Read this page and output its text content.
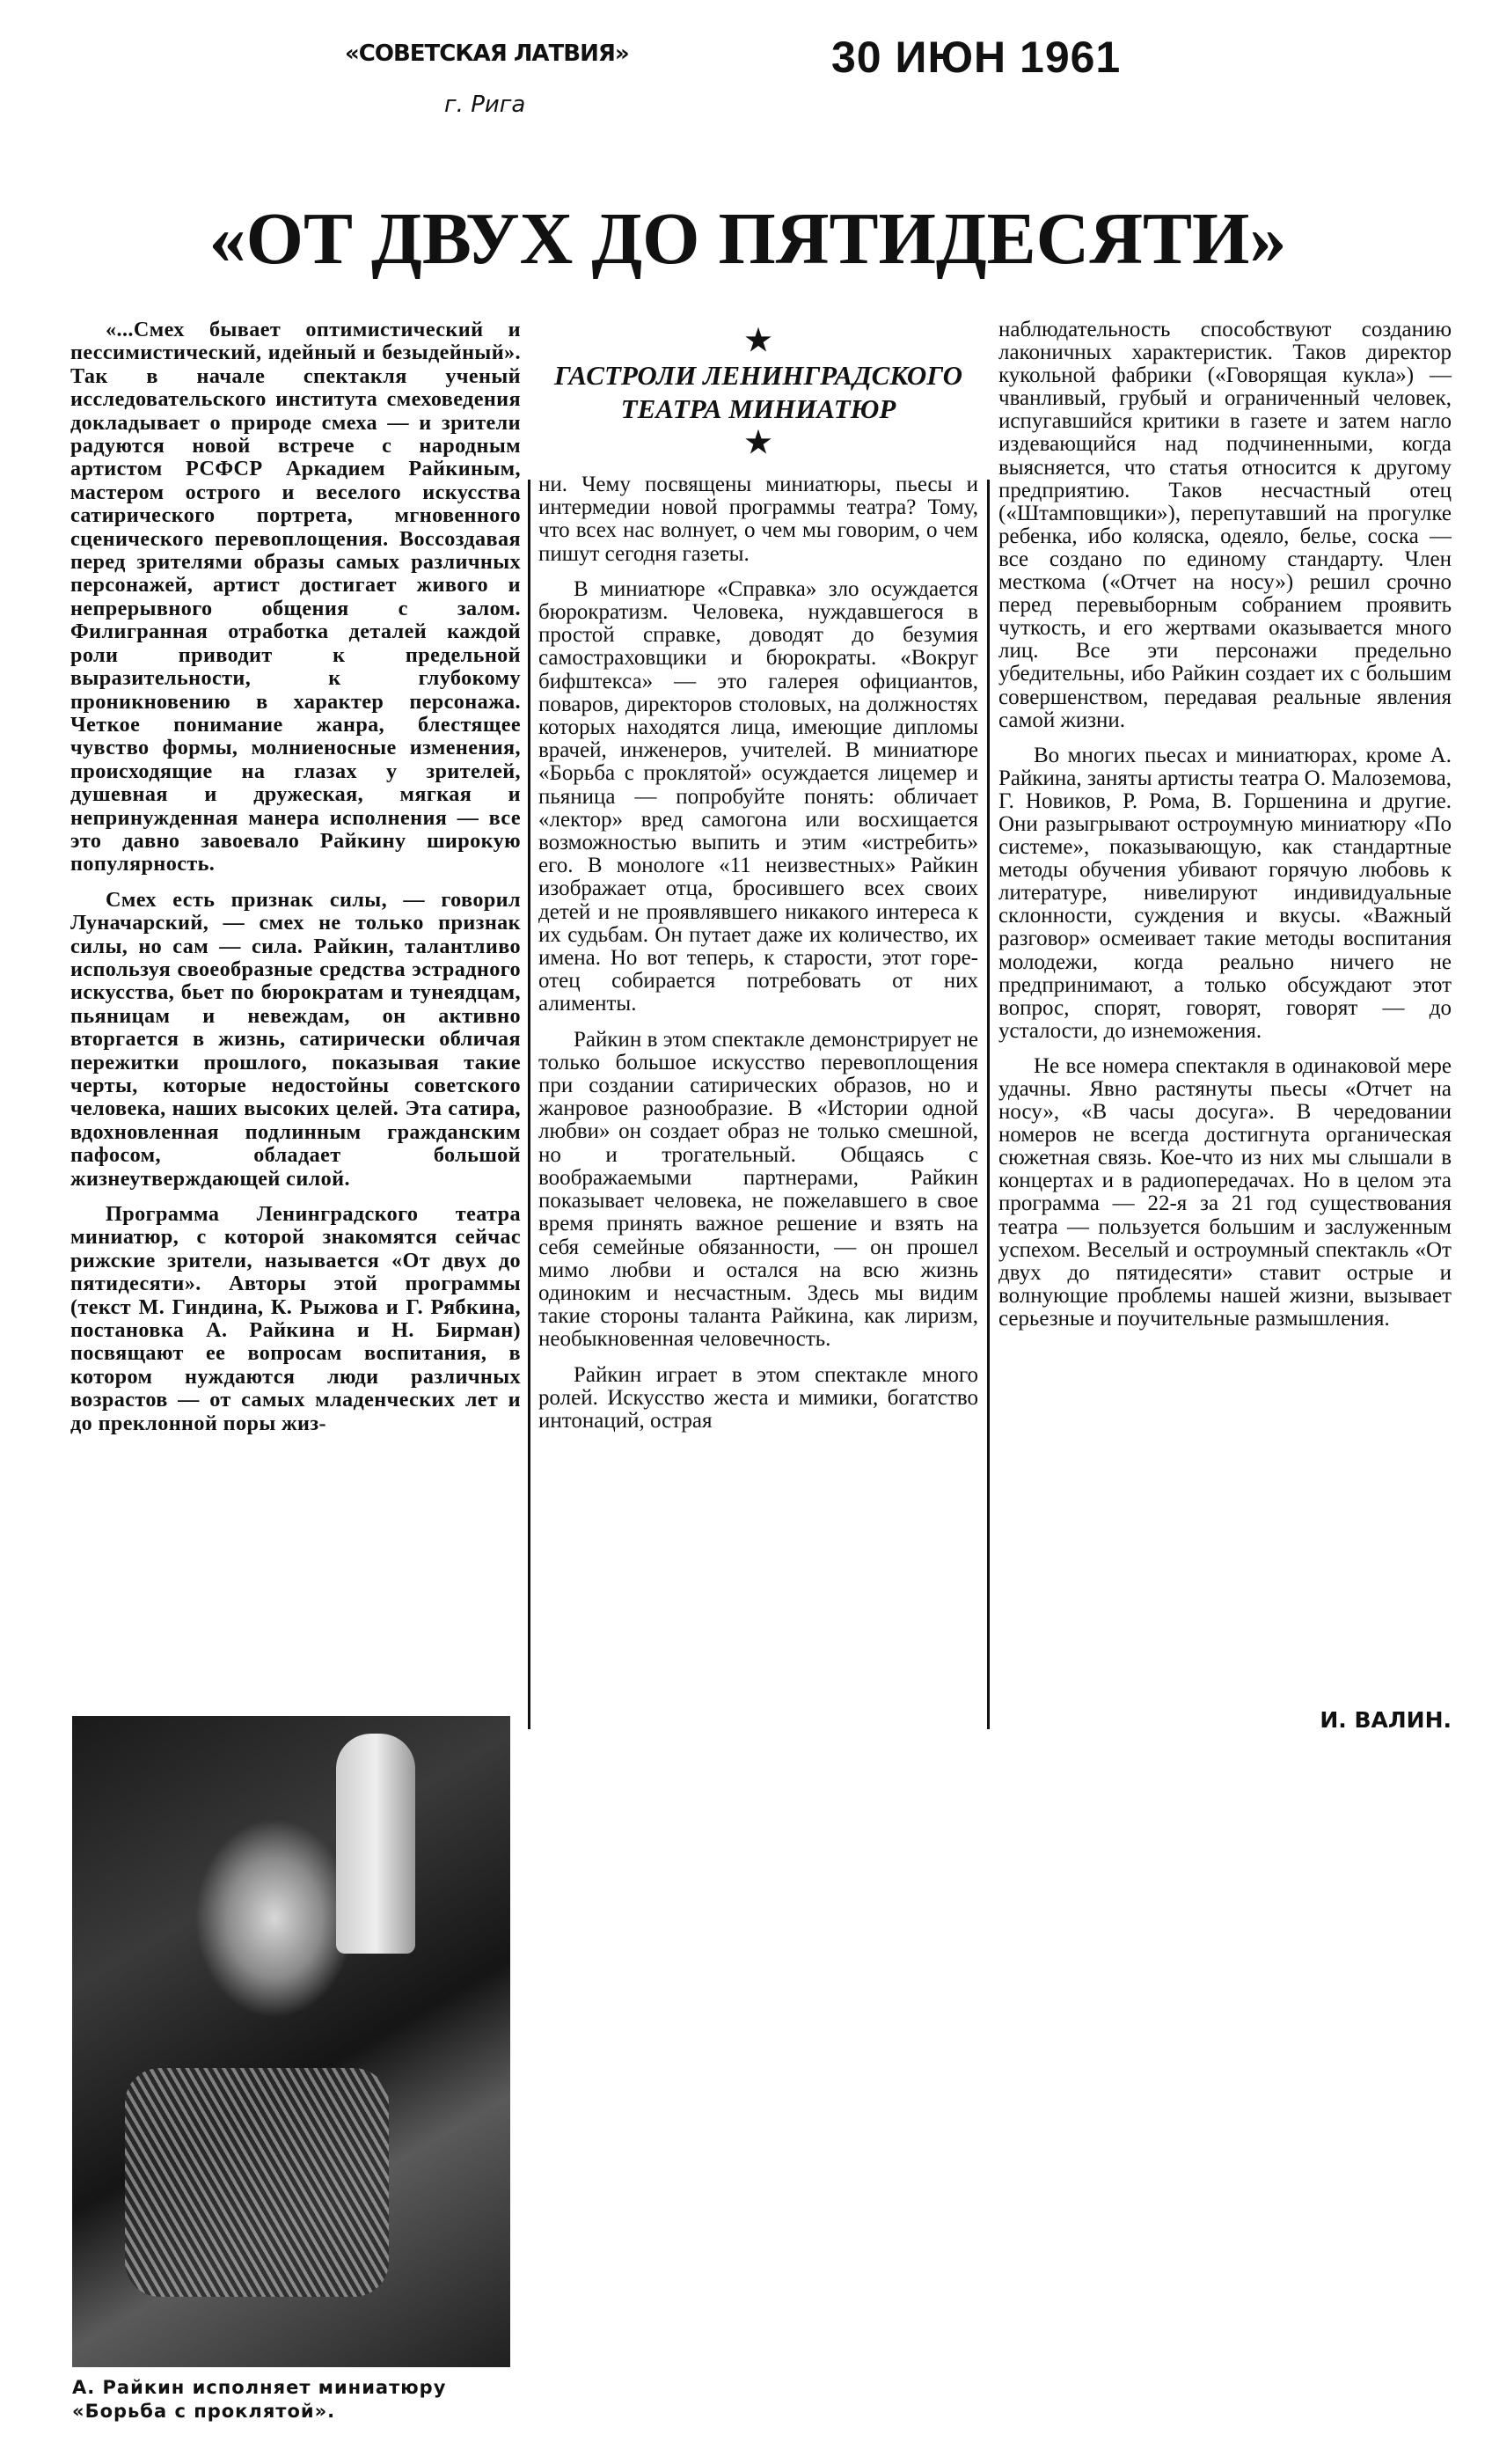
«СОВЕТСКАЯ ЛАТВИЯ»
г. Рига
30 ИЮН 1961
«ОТ ДВУХ ДО ПЯТИДЕСЯТИ»

«...Смех бывает оптимистический и пессимистический, идейный и безыдейный». Так в начале спектакля ученый исследовательского института смеховедения докладывает о природе смеха — и зрители радуются новой встрече с народным артистом РСФСР Аркадием Райкиным, мастером острого и веселого искусства сатирического портрета, мгновенного сценического перевоплощения. Воссоздавая перед зрителями образы самых различных персонажей, артист достигает живого и непрерывного общения с залом. Филигранная отработка деталей каждой роли приводит к предельной выразительности, к глубокому проникновению в характер персонажа. Четкое понимание жанра, блестящее чувство формы, молниеносные изменения, происходящие на глазах у зрителей, душевная и дружеская, мягкая и непринужденная манера исполнения — все это давно завоевало Райкину широкую популярность.

Смех есть признак силы, — говорил Луначарский, — смех не только признак силы, но сам — сила. Райкин, талантливо используя своеобразные средства эстрадного искусства, бьет по бюрократам и тунеядцам, пьяницам и невеждам, он активно вторгается в жизнь, сатирически обличая пережитки прошлого, показывая такие черты, которые недостойны советского человека, наших высоких целей. Эта сатира, вдохновленная подлинным гражданским пафосом, обладает большой жизнеутверждающей силой.

Программа Ленинградского театра миниатюр, с которой знакомятся сейчас рижские зрители, называется «От двух до пятидесяти». Авторы этой программы (текст М. Гиндина, К. Рыжова и Г. Рябкина, постановка А. Райкина и Н. Бирман) посвящают ее вопросам воспитания, в котором нуждаются люди различных возрастов — от самых младенческих лет и до преклонной поры жиз-

★
ГАСТРОЛИ ЛЕНИНГРАДСКОГО
ТЕАТРА МИНИАТЮР
★

ни. Чему посвящены миниатюры, пьесы и интермедии новой программы театра? Тому, что всех нас волнует, о чем мы говорим, о чем пишут сегодня газеты.

В миниатюре «Справка» зло осуждается бюрократизм. Человека, нуждавшегося в простой справке, доводят до безумия самостраховщики и бюрократы. «Вокруг бифштекса» — это галерея официантов, поваров, директоров столовых, на должностях которых находятся лица, имеющие дипломы врачей, инженеров, учителей. В миниатюре «Борьба с проклятой» осуждается лицемер и пьяница — попробуйте понять: обличает «лектор» вред самогона или восхищается возможностью выпить и этим «истребить» его. В монологе «11 неизвестных» Райкин изображает отца, бросившего всех своих детей и не проявлявшего никакого интереса к их судьбам. Он путает даже их количество, их имена. Но вот теперь, к старости, этот горе-отец собирается потребовать от них алименты.

Райкин в этом спектакле демонстрирует не только большое искусство перевоплощения при создании сатирических образов, но и жанровое разнообразие. В «Истории одной любви» он создает образ не только смешной, но и трогательный. Общаясь с воображаемыми партнерами, Райкин показывает человека, не пожелавшего в свое время принять важное решение и взять на себя семейные обязанности, — он прошел мимо любви и остался на всю жизнь одиноким и несчастным. Здесь мы видим такие стороны таланта Райкина, как лиризм, необыкновенная человечность.

Райкин играет в этом спектакле много ролей. Искусство жеста и мимики, богатство интонаций, острая

наблюдательность способствуют созданию лаконичных характеристик. Таков директор кукольной фабрики («Говорящая кукла») — чванливый, грубый и ограниченный человек, испугавшийся критики в газете и затем нагло издевающийся над подчиненными, когда выясняется, что статья относится к другому предприятию. Таков несчастный отец («Штамповщики»), перепутавший на прогулке ребенка, ибо коляска, одеяло, белье, соска — все создано по единому стандарту. Член месткома («Отчет на носу») решил срочно перед перевыборным собранием проявить чуткость, и его жертвами оказывается много лиц. Все эти персонажи предельно убедительны, ибо Райкин создает их с большим совершенством, передавая реальные явления самой жизни.

Во многих пьесах и миниатюрах, кроме А. Райкина, заняты артисты театра О. Малоземова, Г. Новиков, Р. Рома, В. Горшенина и другие. Они разыгрывают остроумную миниатюру «По системе», показывающую, как стандартные методы обучения убивают горячую любовь к литературе, нивелируют индивидуальные склонности, суждения и вкусы. «Важный разговор» осмеивает такие методы воспитания молодежи, когда реально ничего не предпринимают, а только обсуждают этот вопрос, спорят, говорят, говорят — до усталости, до изнеможения.

Не все номера спектакля в одинаковой мере удачны. Явно растянуты пьесы «Отчет на носу», «В часы досуга». В чередовании номеров не всегда достигнута органическая сюжетная связь. Кое-что из них мы слышали в концертах и в радиопередачах. Но в целом эта программа — 22-я за 21 год существования театра — пользуется большим и заслуженным успехом. Веселый и остроумный спектакль «От двух до пятидесяти» ставит острые и волнующие проблемы нашей жизни, вызывает серьезные и поучительные размышления.

И. ВАЛИН.
А. Райкин исполняет миниатюру «Борьба с проклятой».
